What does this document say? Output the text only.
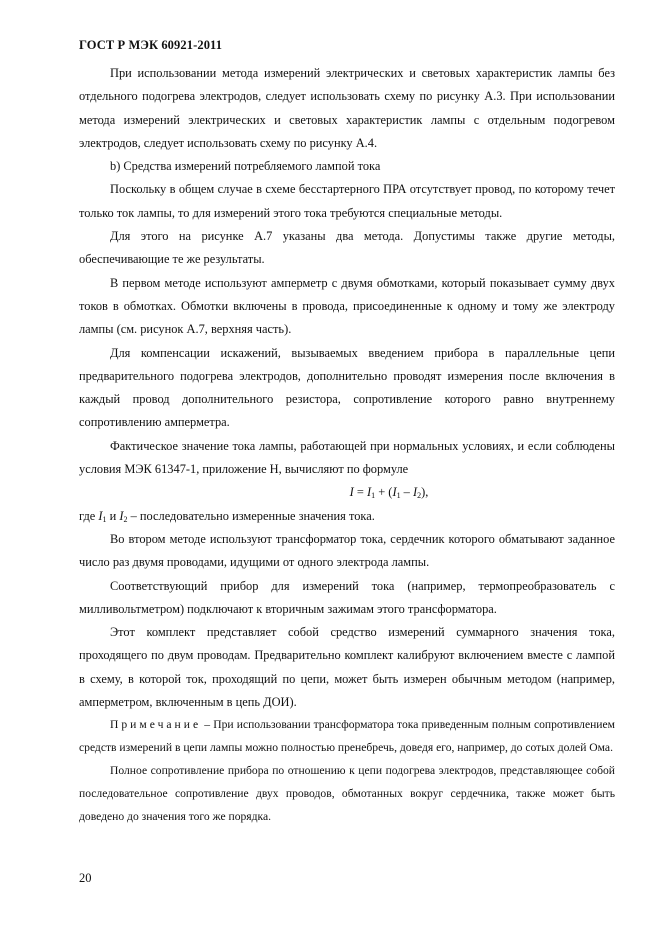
ГОСТ Р МЭК 60921-2011

При использовании метода измерений электрических и световых характеристик лампы без отдельного подогрева электродов, следует использовать схему по рисунку А.3. При использовании метода измерений электрических и световых характеристик лампы с отдельным подогревом электродов, следует использовать схему по рисунку А.4.

b) Средства измерений потребляемого лампой тока

Поскольку в общем случае в схеме бесстартерного ПРА отсутствует провод, по которому течет только ток лампы, то для измерений этого тока требуются специальные методы.

Для этого на рисунке А.7 указаны два метода. Допустимы также другие методы, обеспечивающие те же результаты.

В первом методе используют амперметр с двумя обмотками, который показывает сумму двух токов в обмотках. Обмотки включены в провода, присоединенные к одному и тому же электроду лампы (см. рисунок А.7, верхняя часть).

Для компенсации искажений, вызываемых введением прибора в параллельные цепи предварительного подогрева электродов, дополнительно проводят измерения после включения в каждый провод дополнительного резистора, сопротивление которого равно внутреннему сопротивлению амперметра.

Фактическое значение тока лампы, работающей при нормальных условиях, и если соблюдены условия МЭК 61347-1, приложение Н, вычисляют по формуле

$I = I_1 + (I_1 - I_2)$,

где $I_1$ и $I_2$ – последовательно измеренные значения тока.

Во втором методе используют трансформатор тока, сердечник которого обматывают заданное число раз двумя проводами, идущими от одного электрода лампы.

Соответствующий прибор для измерений тока (например, термопреобразователь с милливольтметром) подключают к вторичным зажимам этого трансформатора.

Этот комплект представляет собой средство измерений суммарного значения тока, проходящего по двум проводам. Предварительно комплект калибруют включением вместе с лампой в схему, в которой ток, проходящий по цепи, может быть измерен обычным методом (например, амперметром, включенным в цепь ДОИ).

Примечание – При использовании трансформатора тока приведенным полным сопротивлением средств измерений в цепи лампы можно полностью пренебречь, доведя его, например, до сотых долей Ома.

Полное сопротивление прибора по отношению к цепи подогрева электродов, представляющее собой последовательное сопротивление двух проводов, обмотанных вокруг сердечника, также может быть доведено до значения того же порядка.

20
